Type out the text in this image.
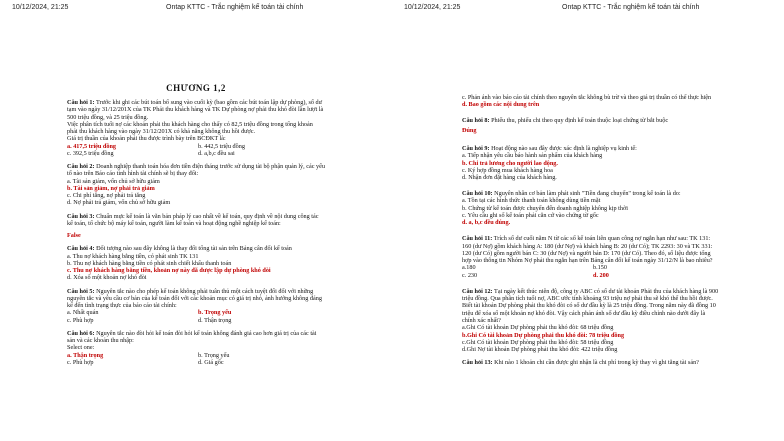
10/12/2024, 21:25	Ontap KTTC - Trắc nghiệm kế toán tài chính	10/12/2024, 21:25	Ontap KTTC - Trắc nghiệm kế toán tài chính
CHƯƠNG 1,2
Câu hỏi 1: Trước khi ghi các bút toán bổ sung vào cuối kỳ (bao gồm các bút toán lập dự phòng), số dư tạm vào ngày 31/12/201X của TK Phải thu khách hàng và TK Dự phòng nợ phải thu khó đòi lần lượt là 500 triệu đồng, và 25 triệu đồng.
Việc phân tích tuổi nợ các khoản phải thu khách hàng cho thấy có 82,5 triệu đồng trong tổng khoản phải thu khách hàng vào ngày 31/12/201X có khả năng không thu hồi được.
Giá trị thuần của khoản phải thu được trình bày trên BCĐKT là:
a. 417,5 triệu đồng	b. 442,5 triệu đồng
c. 392,5 triệu đồng	d. a,b,c đều sai
Câu hỏi 2: Doanh nghiệp thanh toán hóa đơn tiền điện tháng trước sử dụng tài bộ phận quản lý, các yếu tố nào trên Báo cáo tình hình tài chính sẽ bị thay đổi:
a. Tài sản giảm, vốn chủ sở hữu giảm
b. Tài sản giảm, nợ phải trả giảm
c. Chi phí tăng, nợ phải trả tăng
d. Nợ phải trả giảm, vốn chủ sở hữu giảm
Câu hỏi 3: Chuẩn mực kế toán là văn bản pháp lý cao nhất về kế toán, quy định về nội dung công tác kế toán, tổ chức bộ máy kế toán, người làm kế toán và hoạt động nghề nghiệp kế toán:
False
Câu hỏi 4: Đối tượng nào sau đây không là thay đổi tổng tài sản trên Bảng cân đối kế toán
a. Thu nợ khách hàng bằng tiền, có phát sinh TK 131
b. Thu nợ khách hàng bằng tiền có phát sinh chiết khấu thanh toán
c. Thu nợ khách hàng bằng tiền, khoản nợ này đã được lập dự phòng khó đòi
d. Xóa sổ một khoản nợ khó đòi
Câu hỏi 5: Nguyên tắc nào cho phép kế toán không phải tuân thủ một cách tuyệt đối đối với những nguyên tắc và yêu cầu cơ bản của kế toán đối với các khoản mục có giá trị nhỏ, ảnh hưởng không đáng kể đến tình trạng thực của báo cáo tài chính:
a. Nhất quán	b. Trọng yếu
c. Phù hợp	d. Thận trọng
Câu hỏi 6: Nguyên tắc nào đòi hỏi kế toán đòi hỏi kế toán không đánh giá cao hơn giá trị của các tài sản và các khoản thu nhập:
Select one:
a. Thận trọng	b. Trọng yếu
c. Phù hợp	d. Giá gốc
c. Phản ánh vào báo cáo tài chính theo nguyên tắc không bù trừ và theo giá trị thuần có thể thực hiện
d. Bao gồm các nội dung trên
Câu hỏi 8: Phiếu thu, phiếu chi theo quy định kế toán thuộc loại chứng từ bắt buộc
Đúng
Câu hỏi 9: Hoạt động nào sau đây được xác định là nghiệp vụ kinh tế:
a. Tiếp nhận yêu cầu báo hành sản phẩm của khách hàng
b. Chi trả lương cho người lao động.
c. Ký hợp đồng mua khách hàng hoa
d. Nhận đơn đặt hàng của khách hàng.
Câu hỏi 10: Nguyên nhân cơ bản làm phát sinh "Tiền đang chuyển" trong kế toán là do:
a. Tồn tại các hình thức thanh toán không dùng tiền mặt
b. Chứng từ kế toán được chuyển đến doanh nghiệp không kịp thời
c. Yêu cầu ghi sổ kế toán phải căn cứ vào chứng từ gốc
d. a, b,c đều đúng.
Câu hỏi 11: Trích số dư cuối năm N từ các sổ kế toán liên quan công nợ ngắn hạn như sau: TK 131: 160 (dư Nợ) gồm khách hàng A: 180 (dư Nợ) và khách hàng B: 20 (dư Có); TK 2293: 30 và TK 331: 120 (dư Có) gồm người bán C: 30 (dư Nợ) và người bán D: 170 (dư Có). Theo đó, số liệu được tổng hợp vào thông tin Nhóm Nợ phải thu ngắn hạn trên Bảng cân đối kế toán ngày 31/12/N là bao nhiêu?
a.180	b.150
c. 230	d. 200
Câu hỏi 12: Tại ngày kết thúc niên độ, công ty ABC có số dư tài khoản Phải thu của khách hàng là 900 triệu đồng. Qua phân tích tuổi nợ, ABC ước tính khoảng 93 triệu nợ phải thu sẽ khó thể thu hồi được. Biết tài khoản Dự phòng phải thu khó đòi có số dư đầu kỳ là 25 triệu đồng. Trong năm này đã đồng 10 triệu để xóa sổ một khoản nợ khó đòi. Vậy cách phản ánh số dư đầu kỳ điều chỉnh nào dưới đây là chính xác nhất?
a.Ghi Có tài khoản Dự phòng phải thu khó đòi: 68 triệu đồng
b.Ghi Có tài khoản Dự phòng phải thu khó đòi: 78 triệu đồng
c.Ghi Có tài khoản Dự phòng phải thu khó đòi: 58 triệu đồng
d.Ghi Nợ tài khoản Dự phòng phải thu khó đòi: 422 triệu đồng
Câu hỏi 13: Khi nào 1 khoản chi cần được ghi nhận là chi phí trong kỳ thay vì ghi tăng tài sản?
